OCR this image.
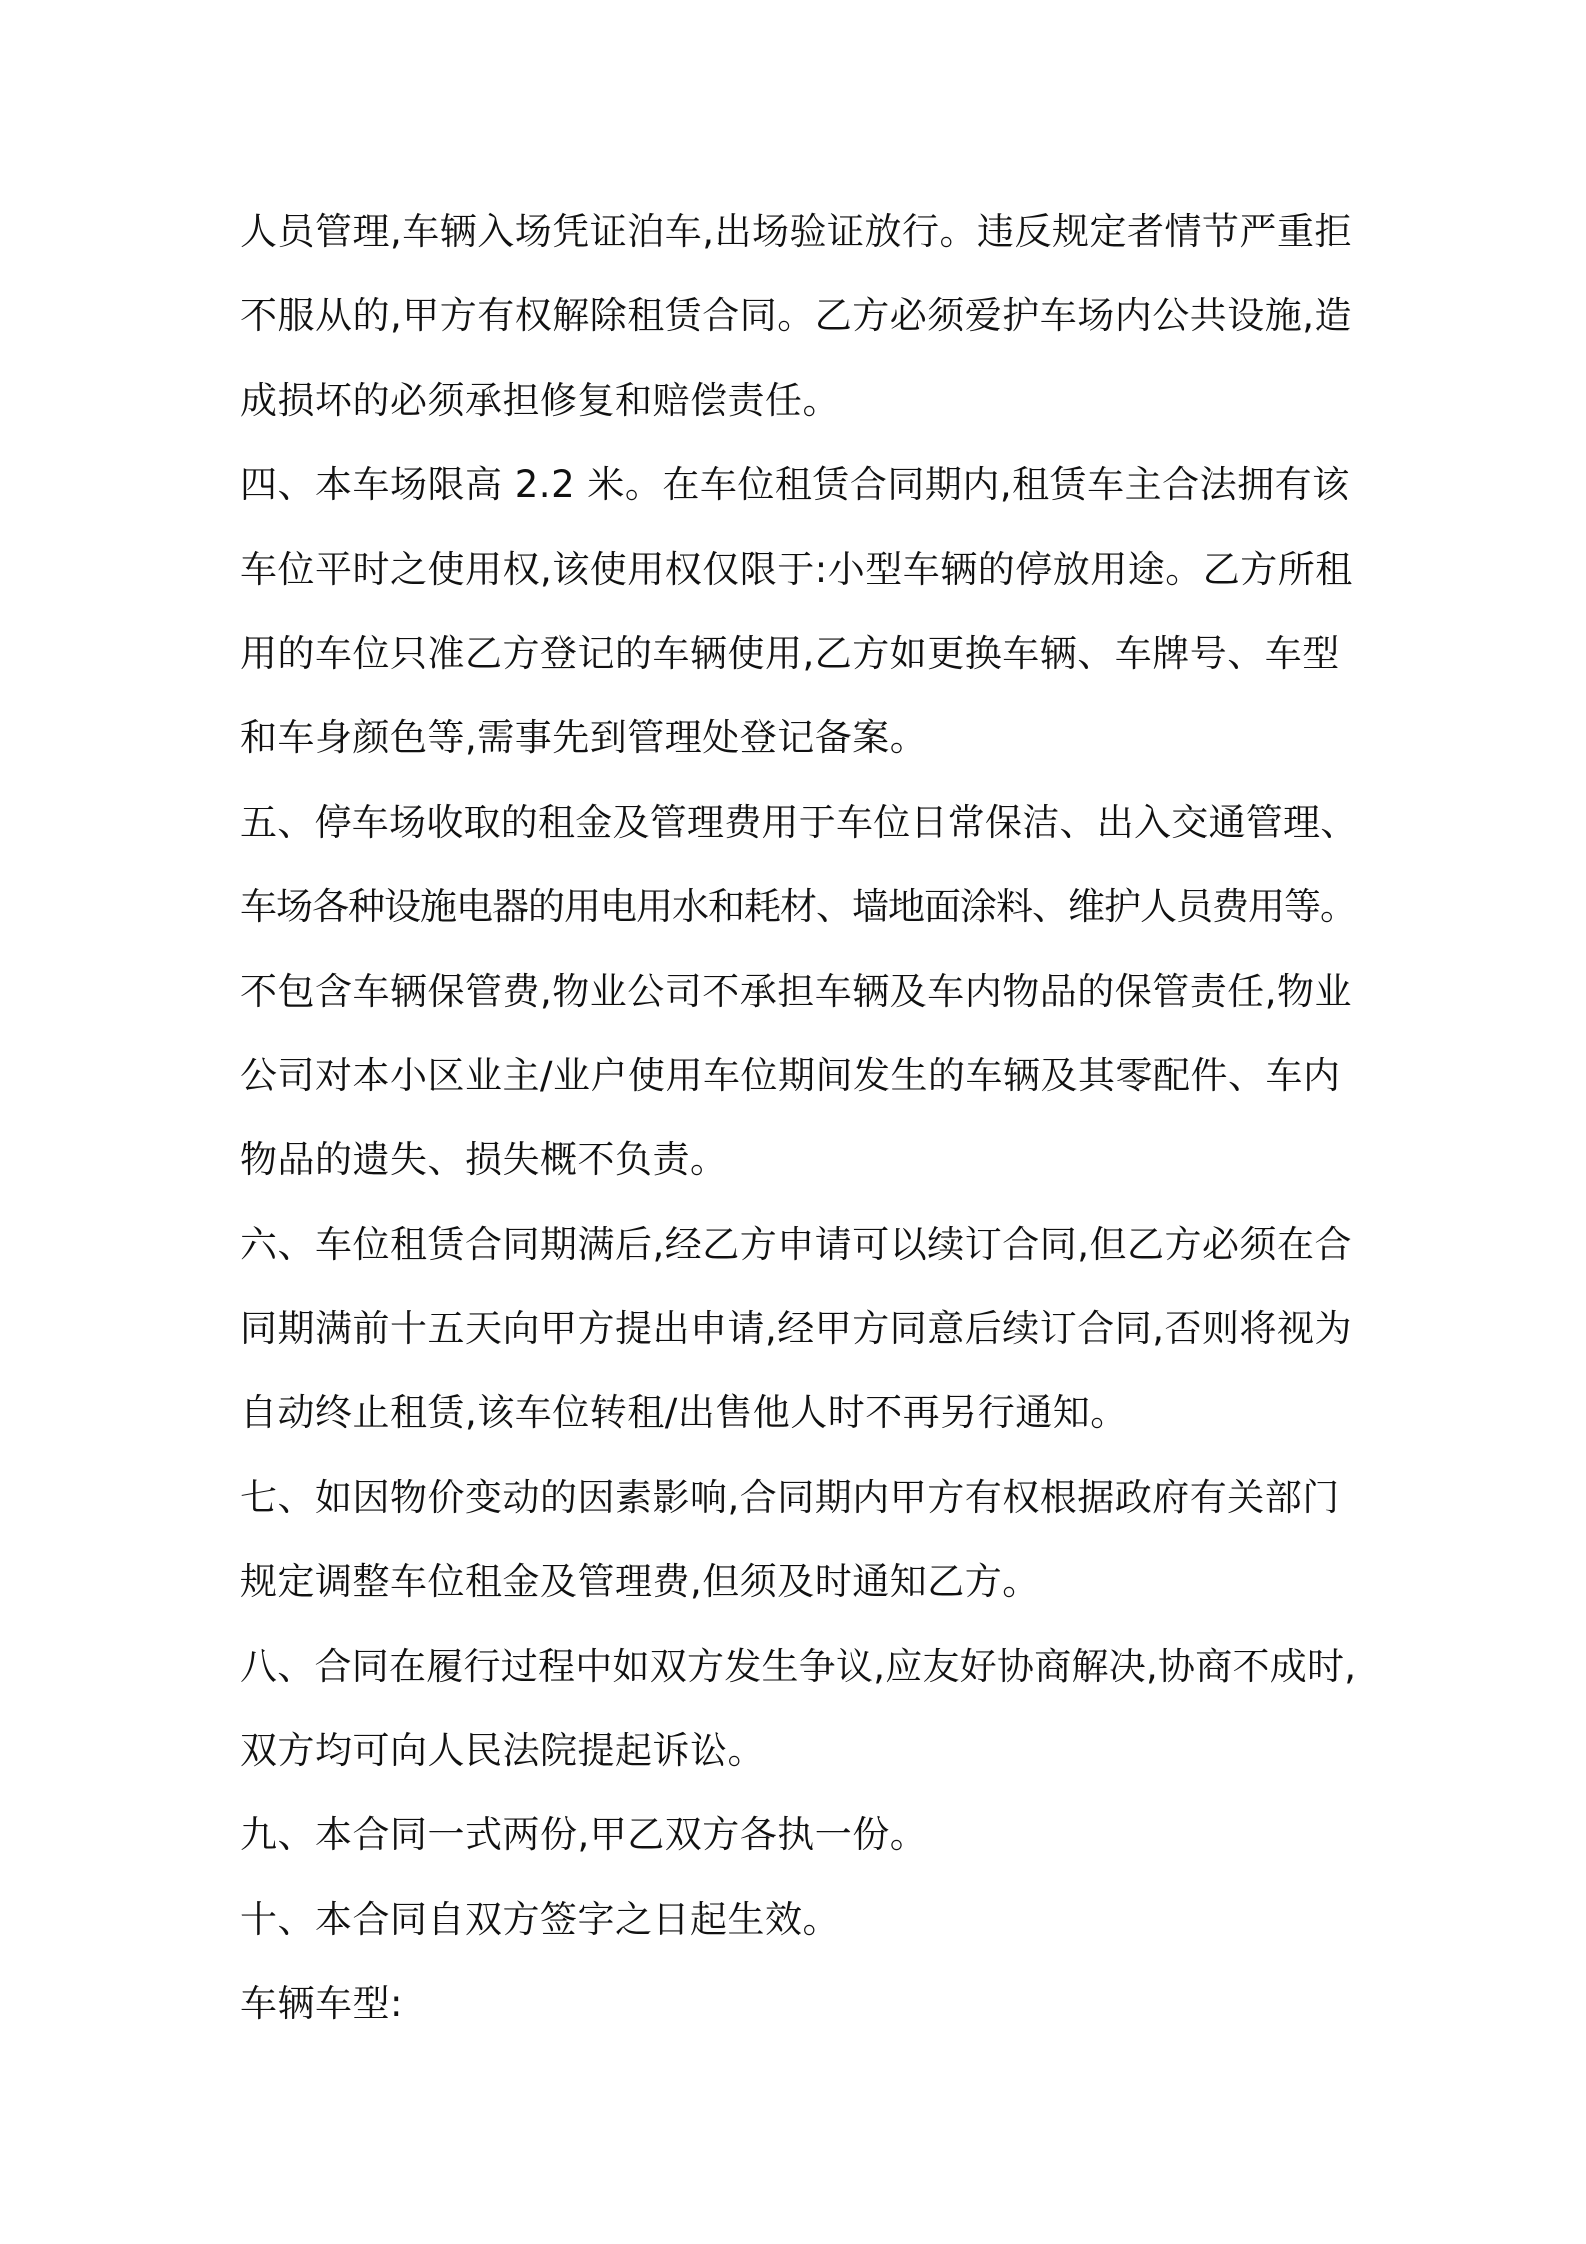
人员管理,车辆入场凭证泊车,出场验证放行。违反规定者情节严重拒
不服从的,甲方有权解除租赁合同。乙方必须爱护车场内公共设施,造
成损坏的必须承担修复和赔偿责任。
四、本车场限高 2.2 米。在车位租赁合同期内,租赁车主合法拥有该
车位平时之使用权,该使用权仅限于:小型车辆的停放用途。乙方所租
用的车位只准乙方登记的车辆使用,乙方如更换车辆、车牌号、车型
和车身颜色等,需事先到管理处登记备案。
五、停车场收取的租金及管理费用于车位日常保洁、出入交通管理、
车场各种设施电器的用电用水和耗材、墙地面涂料、维护人员费用等。
不包含车辆保管费,物业公司不承担车辆及车内物品的保管责任,物业
公司对本小区业主/业户使用车位期间发生的车辆及其零配件、车内
物品的遗失、损失概不负责。
六、车位租赁合同期满后,经乙方申请可以续订合同,但乙方必须在合
同期满前十五天向甲方提出申请,经甲方同意后续订合同,否则将视为
自动终止租赁,该车位转租/出售他人时不再另行通知。
七、如因物价变动的因素影响,合同期内甲方有权根据政府有关部门
规定调整车位租金及管理费,但须及时通知乙方。
八、合同在履行过程中如双方发生争议,应友好协商解决,协商不成时,
双方均可向人民法院提起诉讼。
九、本合同一式两份,甲乙双方各执一份。
十、本合同自双方签字之日起生效。
车辆车型:
